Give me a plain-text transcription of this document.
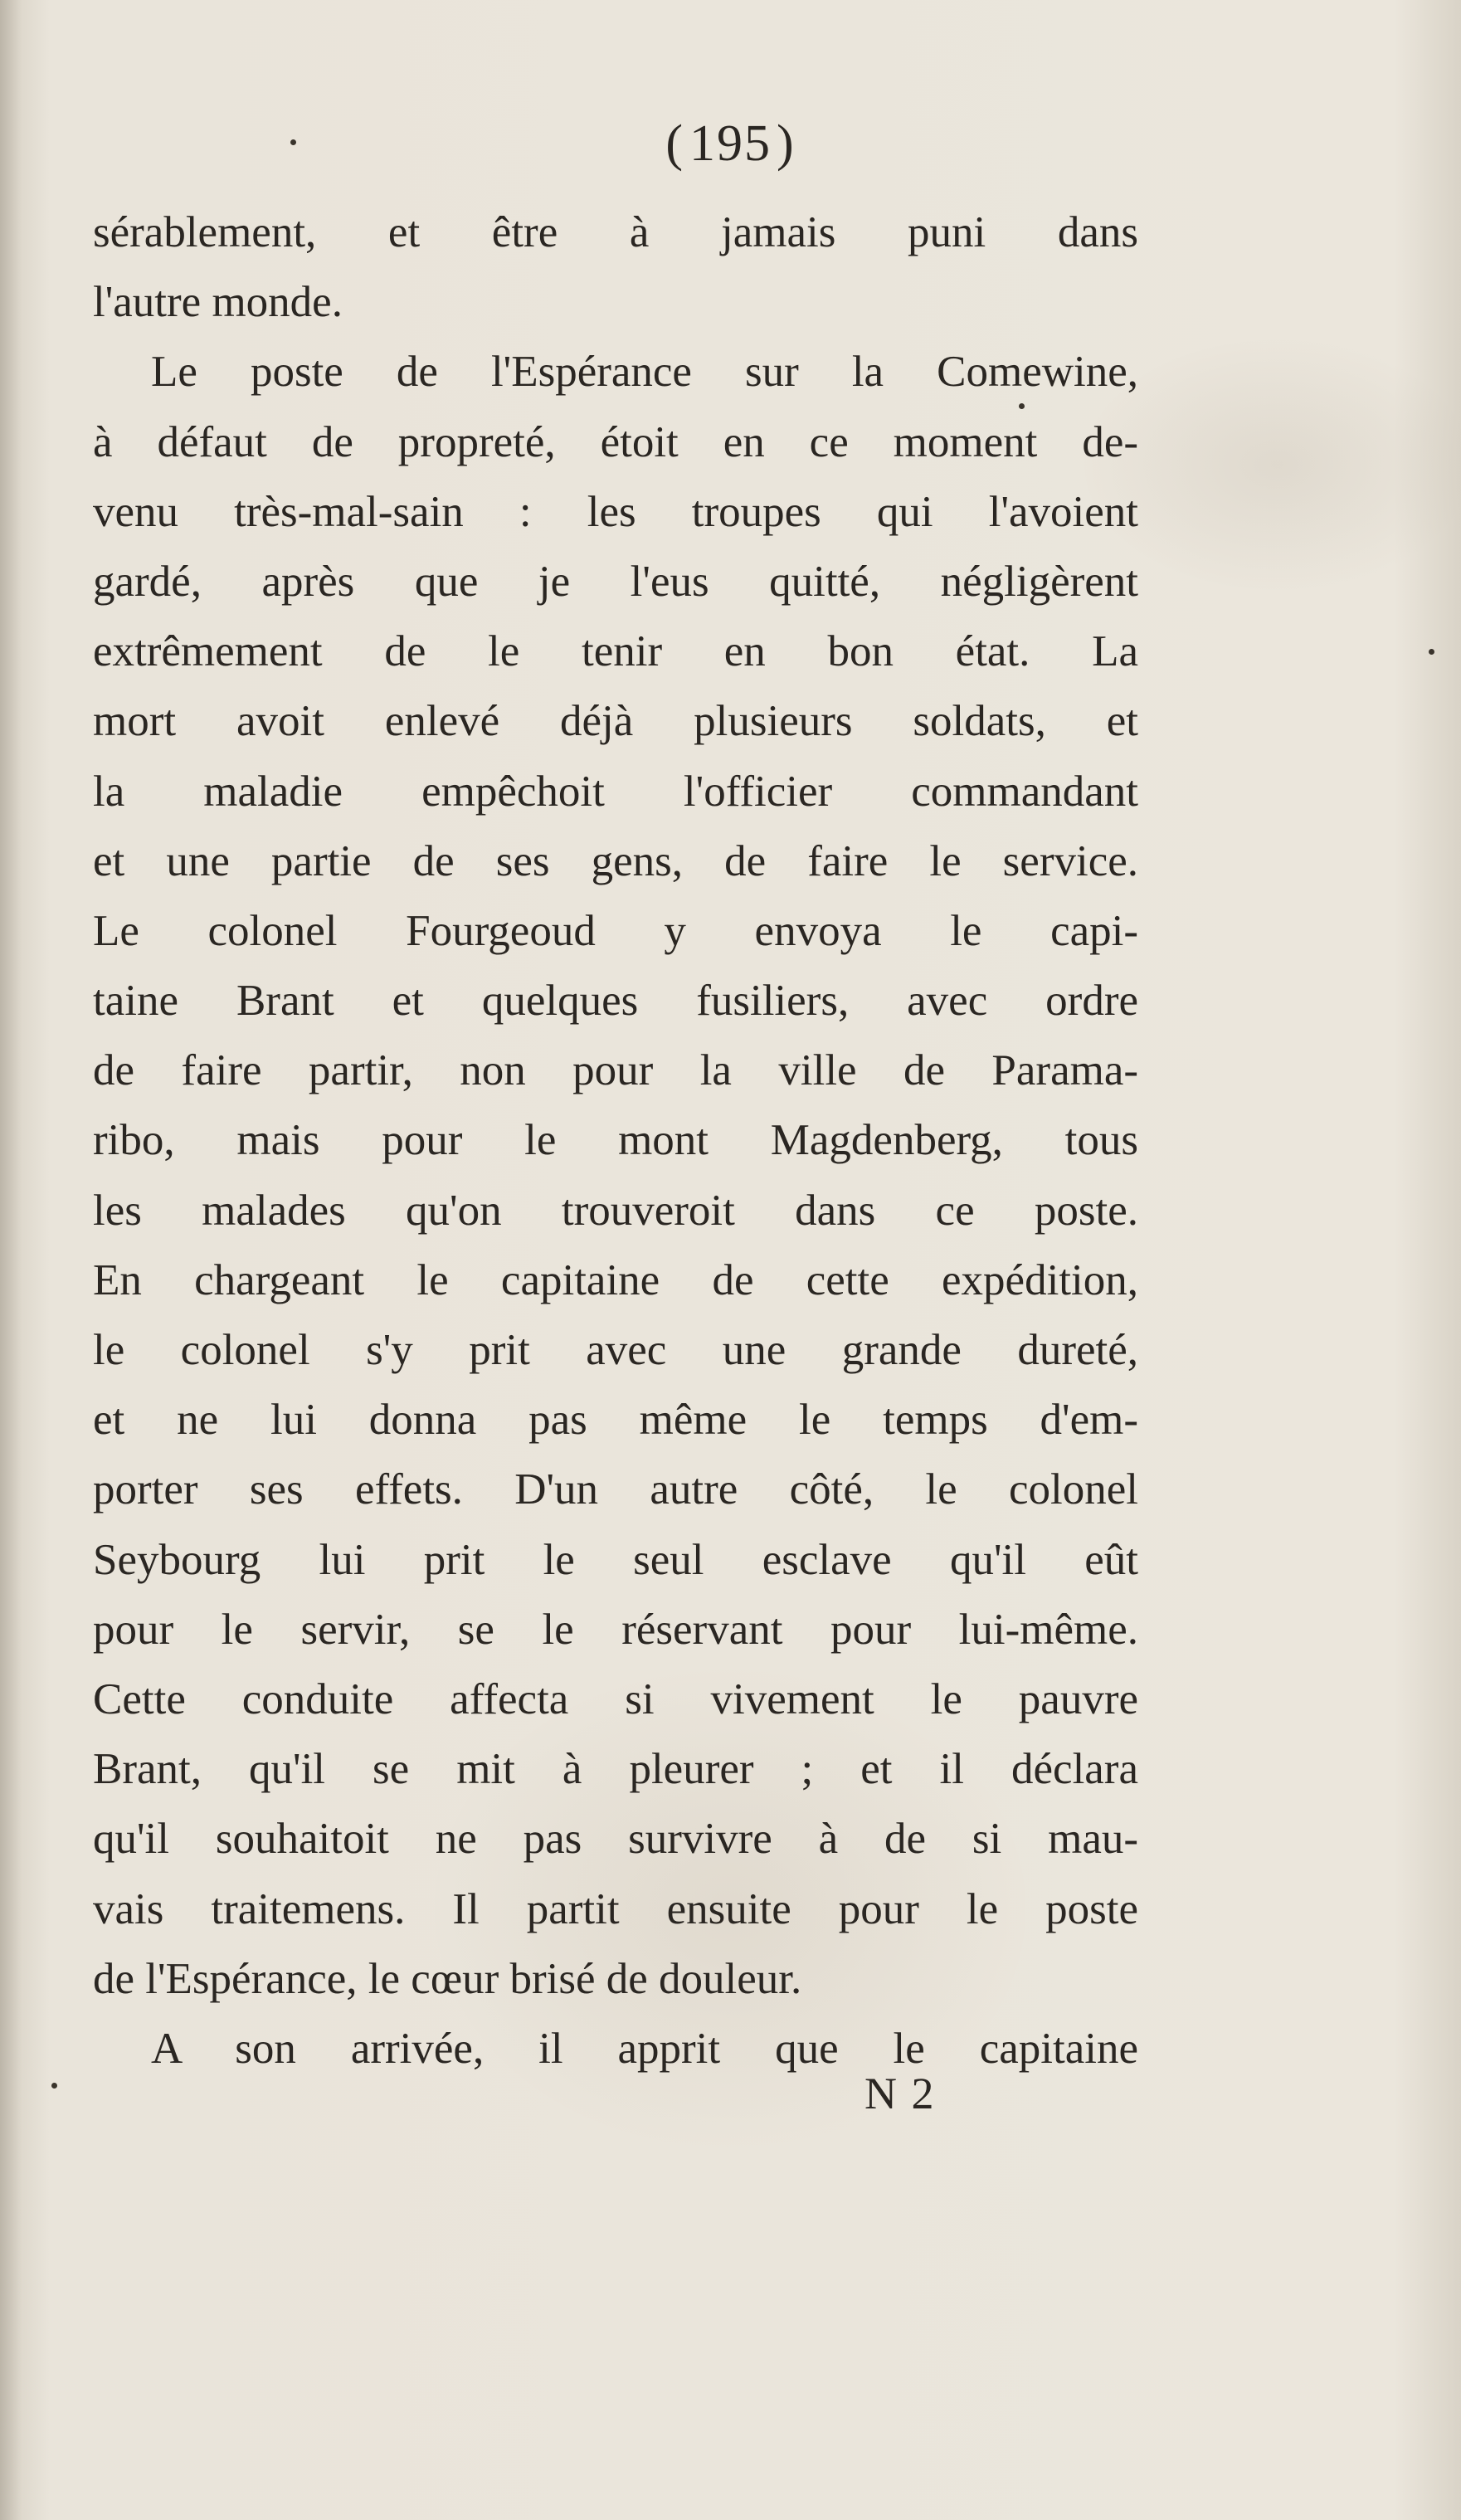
(195)
sérablement, et être à jamais puni dans
l'autre monde.
Le poste de l'Espérance sur la Comewine,
à défaut de propreté, étoit en ce moment de-
venu très-mal-sain : les troupes qui l'avoient
gardé, après que je l'eus quitté, négligèrent
extrêmement de le tenir en bon état. La
mort avoit enlevé déjà plusieurs soldats, et
la maladie empêchoit l'officier commandant
et une partie de ses gens, de faire le service.
Le colonel Fourgeoud y envoya le capi-
taine Brant et quelques fusiliers, avec ordre
de faire partir, non pour la ville de Parama-
ribo, mais pour le mont Magdenberg, tous
les malades qu'on trouveroit dans ce poste.
En chargeant le capitaine de cette expédition,
le colonel s'y prit avec une grande dureté,
et ne lui donna pas même le temps d'em-
porter ses effets. D'un autre côté, le colonel
Seybourg lui prit le seul esclave qu'il eût
pour le servir, se le réservant pour lui-même.
Cette conduite affecta si vivement le pauvre
Brant, qu'il se mit à pleurer ; et il déclara
qu'il souhaitoit ne pas survivre à de si mau-
vais traitemens. Il partit ensuite pour le poste
de l'Espérance, le cœur brisé de douleur.
A son arrivée, il apprit que le capitaine
N 2
